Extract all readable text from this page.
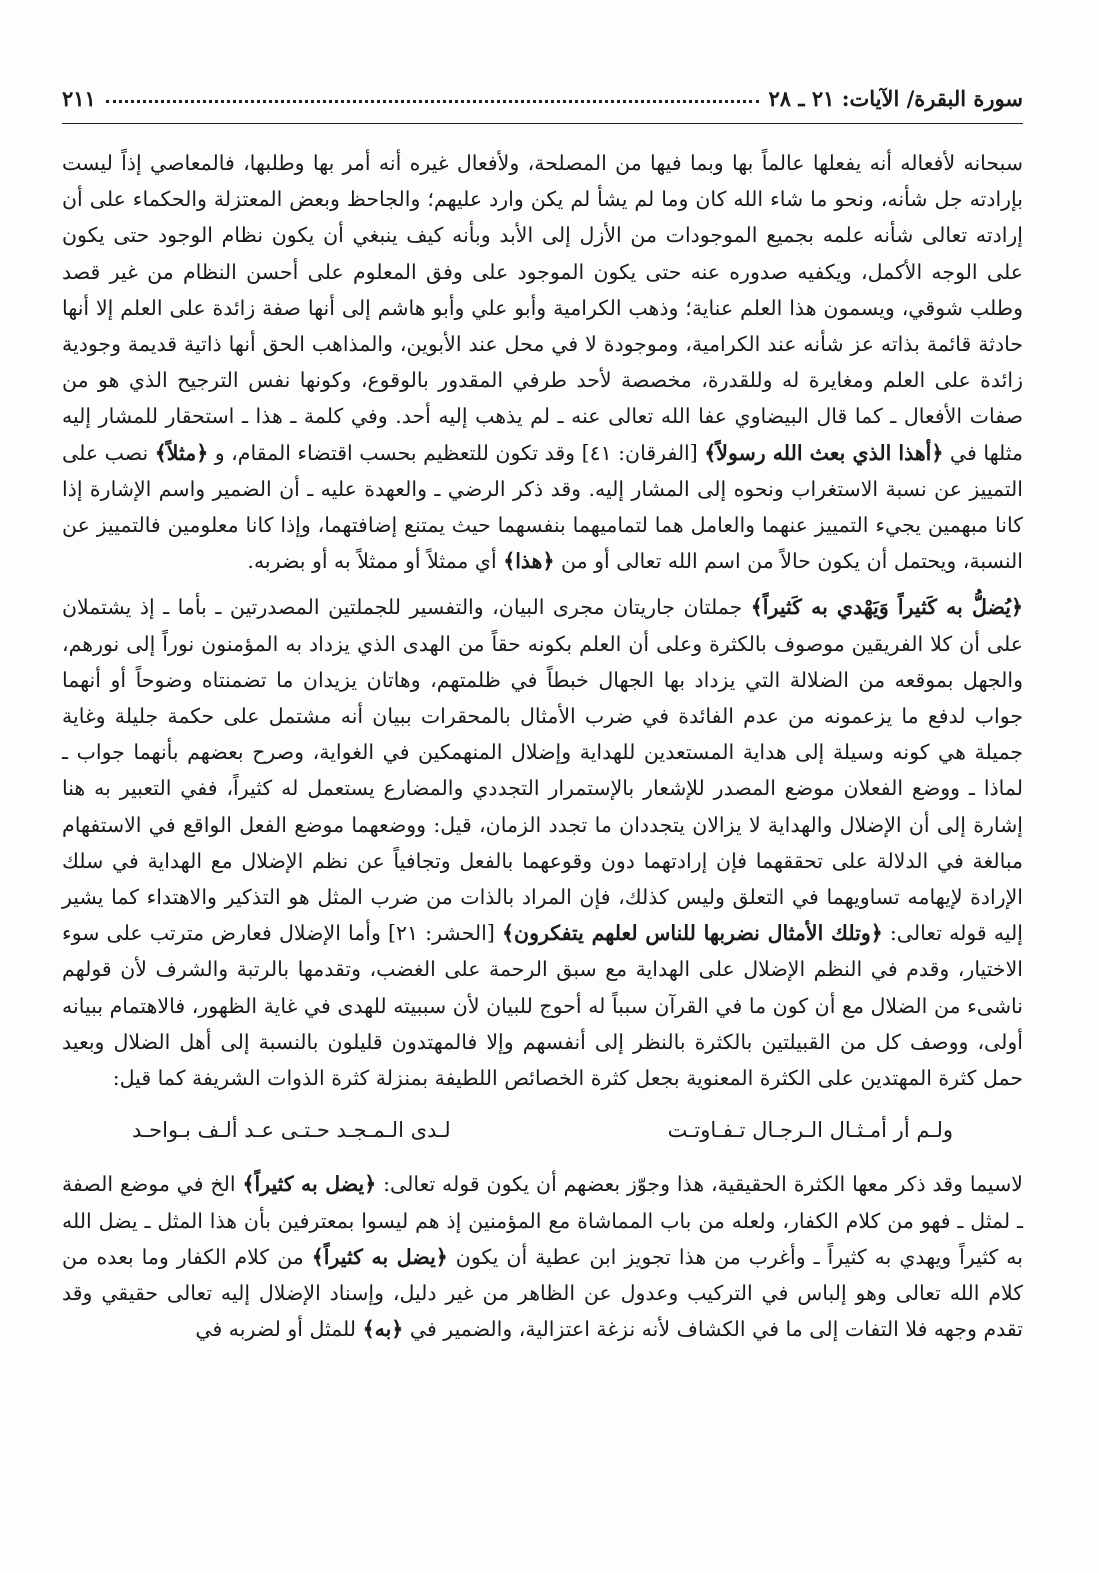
سورة البقرة/ الآيات: ٢١ ـ ٢٨
٢١١

سبحانه لأفعاله أنه يفعلها عالماً بها وبما فيها من المصلحة، ولأفعال غيره أنه أمر بها وطلبها، فالمعاصي إذاً ليست بإرادته جل شأنه، ونحو ما شاء الله كان وما لم يشأ لم يكن وارد عليهم؛ والجاحظ وبعض المعتزلة والحكماء على أن إرادته تعالى شأنه علمه بجميع الموجودات من الأزل إلى الأبد وبأنه كيف ينبغي أن يكون نظام الوجود حتى يكون على الوجه الأكمل، ويكفيه صدوره عنه حتى يكون الموجود على وفق المعلوم على أحسن النظام من غير قصد وطلب شوقي، ويسمون هذا العلم عناية؛ وذهب الكرامية وأبو علي وأبو هاشم إلى أنها صفة زائدة على العلم إلا أنها حادثة قائمة بذاته عز شأنه عند الكرامية، وموجودة لا في محل عند الأبوين، والمذاهب الحق أنها ذاتية قديمة وجودية زائدة على العلم ومغايرة له وللقدرة، مخصصة لأحد طرفي المقدور بالوقوع، وكونها نفس الترجيح الذي هو من صفات الأفعال ـ كما قال البيضاوي عفا الله تعالى عنه ـ لم يذهب إليه أحد. وفي كلمة ـ هذا ـ استحقار للمشار إليه مثلها في ﴿أهذا الذي بعث الله رسولاً﴾ [الفرقان: ٤١] وقد تكون للتعظيم بحسب اقتضاء المقام، و ﴿مثلاً﴾ نصب على التمييز عن نسبة الاستغراب ونحوه إلى المشار إليه. وقد ذكر الرضي ـ والعهدة عليه ـ أن الضمير واسم الإشارة إذا كانا مبهمين يجيء التمييز عنهما والعامل هما لتماميهما بنفسهما حيث يمتنع إضافتهما، وإذا كانا معلومين فالتمييز عن النسبة، ويحتمل أن يكون حالاً من اسم الله تعالى أو من ﴿هذا﴾ أي ممثلاً أو ممثلاً به أو بضربه.

﴿يُضلُّ به كَثيراً وَيَهْدي به كَثيراً﴾ جملتان جاريتان مجرى البيان، والتفسير للجملتين المصدرتين ـ بأما ـ إذ يشتملان على أن كلا الفريقين موصوف بالكثرة وعلى أن العلم بكونه حقاً من الهدى الذي يزداد به المؤمنون نوراً إلى نورهم، والجهل بموقعه من الضلالة التي يزداد بها الجهال خبطاً في ظلمتهم، وهاتان يزيدان ما تضمنتاه وضوحاً أو أنهما جواب لدفع ما يزعمونه من عدم الفائدة في ضرب الأمثال بالمحقرات ببيان أنه مشتمل على حكمة جليلة وغاية جميلة هي كونه وسيلة إلى هداية المستعدين للهداية وإضلال المنهمكين في الغواية، وصرح بعضهم بأنهما جواب ـ لماذا ـ ووضع الفعلان موضع المصدر للإشعار بالإستمرار التجددي والمضارع يستعمل له كثيراً، ففي التعبير به هنا إشارة إلى أن الإضلال والهداية لا يزالان يتجددان ما تجدد الزمان، قيل: ووضعهما موضع الفعل الواقع في الاستفهام مبالغة في الدلالة على تحققهما فإن إرادتهما دون وقوعهما بالفعل وتجافياً عن نظم الإضلال مع الهداية في سلك الإرادة لإيهامه تساويهما في التعلق وليس كذلك، فإن المراد بالذات من ضرب المثل هو التذكير والاهتداء كما يشير إليه قوله تعالى: ﴿وتلك الأمثال نضربها للناس لعلهم يتفكرون﴾ [الحشر: ٢١] وأما الإضلال فعارض مترتب على سوء الاختيار، وقدم في النظم الإضلال على الهداية مع سبق الرحمة على الغضب، وتقدمها بالرتبة والشرف لأن قولهم ناشىء من الضلال مع أن كون ما في القرآن سبباً له أحوج للبيان لأن سببيته للهدى في غاية الظهور، فالاهتمام ببيانه أولى، ووصف كل من القبيلتين بالكثرة بالنظر إلى أنفسهم وإلا فالمهتدون قليلون بالنسبة إلى أهل الضلال وبعيد حمل كثرة المهتدين على الكثرة المعنوية بجعل كثرة الخصائص اللطيفة بمنزلة كثرة الذوات الشريفة كما قيل:

ولـم أر أمـثـال الـرجـال تـفـاوتـت
لـدى الـمـجـد حـتـى عـد ألـف بـواحـد

لاسيما وقد ذكر معها الكثرة الحقيقية، هذا وجوّز بعضهم أن يكون قوله تعالى: ﴿يضل به كثيراً﴾ الخ في موضع الصفة ـ لمثل ـ فهو من كلام الكفار، ولعله من باب المماشاة مع المؤمنين إذ هم ليسوا بمعترفين بأن هذا المثل ـ يضل الله به كثيراً ويهدي به كثيراً ـ وأغرب من هذا تجويز ابن عطية أن يكون ﴿يضل به كثيراً﴾ من كلام الكفار وما بعده من كلام الله تعالى وهو إلباس في التركيب وعدول عن الظاهر من غير دليل، وإسناد الإضلال إليه تعالى حقيقي وقد تقدم وجهه فلا التفات إلى ما في الكشاف لأنه نزغة اعتزالية، والضمير في ﴿به﴾ للمثل أو لضربه في
